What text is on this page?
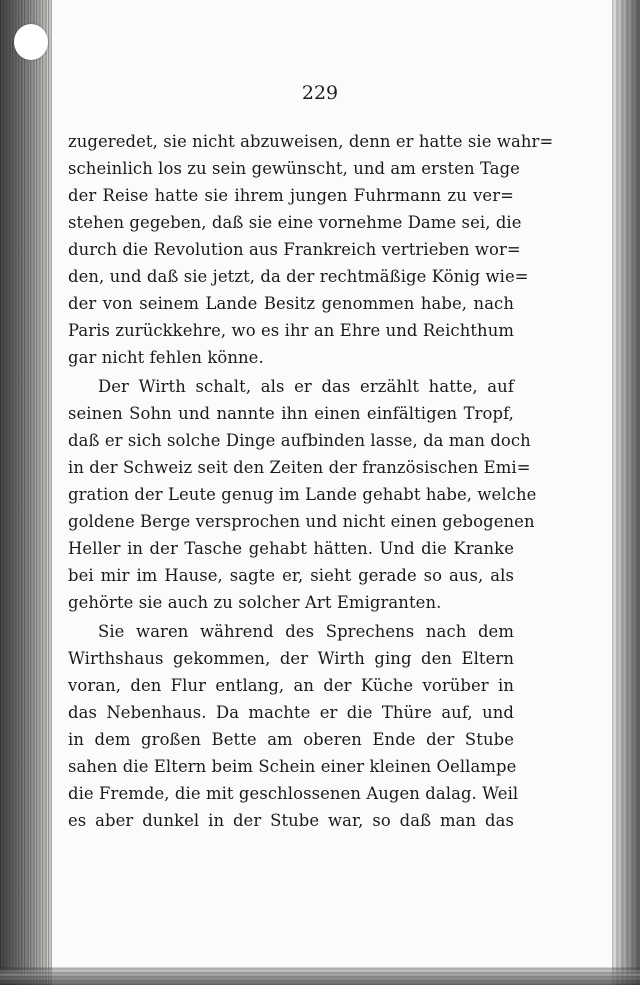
229
zugeredet, sie nicht abzuweisen, denn er hatte sie wahr=
scheinlich los zu sein gewünscht, und am ersten Tage
der Reise hatte sie ihrem jungen Fuhrmann zu ver=
stehen gegeben, daß sie eine vornehme Dame sei, die
durch die Revolution aus Frankreich vertrieben wor=
den, und daß sie jetzt, da der rechtmäßige König wie=
der von seinem Lande Besitz genommen habe, nach
Paris zurückkehre, wo es ihr an Ehre und Reichthum
gar nicht fehlen könne.
Der Wirth schalt, als er das erzählt hatte, auf
seinen Sohn und nannte ihn einen einfältigen Tropf,
daß er sich solche Dinge aufbinden lasse, da man doch
in der Schweiz seit den Zeiten der französischen Emi=
gration der Leute genug im Lande gehabt habe, welche
goldene Berge versprochen und nicht einen gebogenen
Heller in der Tasche gehabt hätten. Und die Kranke
bei mir im Hause, sagte er, sieht gerade so aus, als
gehörte sie auch zu solcher Art Emigranten.
Sie waren während des Sprechens nach dem
Wirthshaus gekommen, der Wirth ging den Eltern
voran, den Flur entlang, an der Küche vorüber in
das Nebenhaus. Da machte er die Thüre auf, und
in dem großen Bette am oberen Ende der Stube
sahen die Eltern beim Schein einer kleinen Oellampe
die Fremde, die mit geschlossenen Augen dalag. Weil
es aber dunkel in der Stube war, so daß man das
